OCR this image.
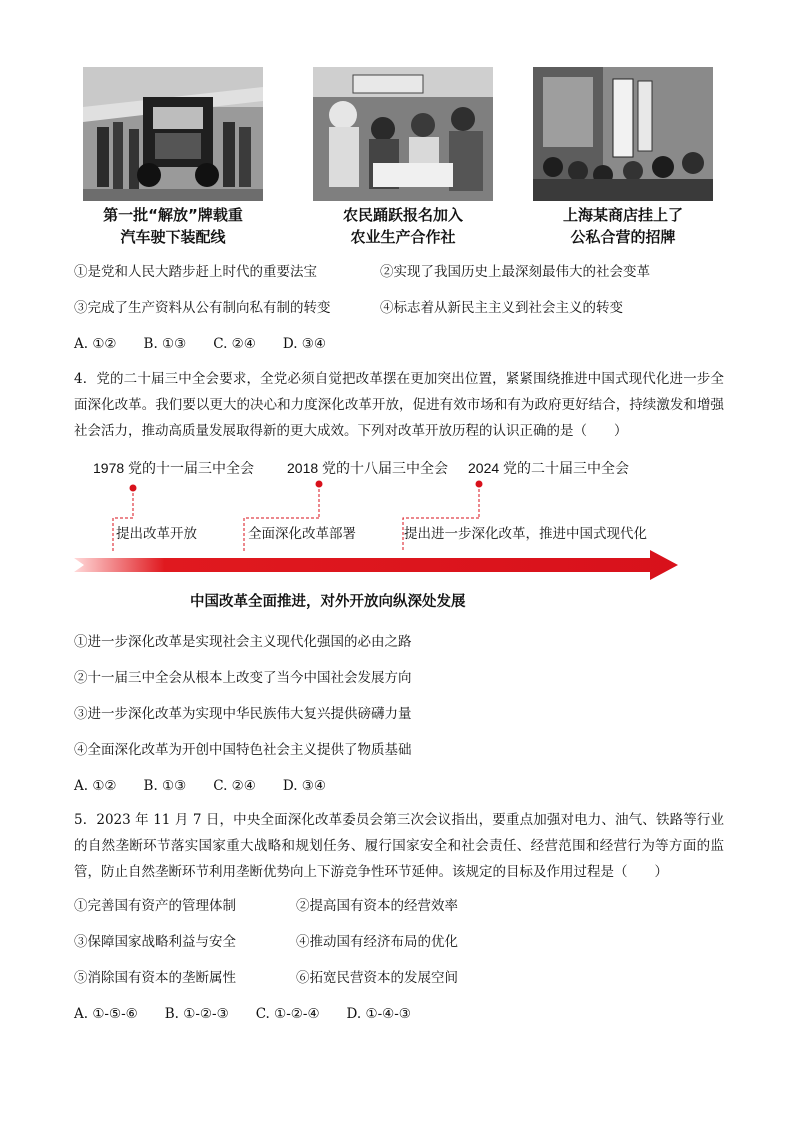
第一批“解放”牌载重
汽车驶下装配线
农民踊跃报名加入
农业生产合作社
上海某商店挂上了
公私合营的招牌
①是党和人民大踏步赶上时代的重要法宝	②实现了我国历史上最深刻最伟大的社会变革
③完成了生产资料从公有制向私有制的转变	④标志着从新民主主义到社会主义的转变
A. ①②　　B. ①③　　C. ②④　　D. ③④
4．党的二十届三中全会要求，全党必须自觉把改革摆在更加突出位置，紧紧围绕推进中国式现代化进一步全面深化改革。我们要以更大的决心和力度深化改革开放，促进有效市场和有为政府更好结合，持续激发和增强社会活力，推动高质量发展取得新的更大成效。下列对改革开放历程的认识正确的是（　　）
1978 党的十一届三中全会 2018 党的十八届三中全会 2024 党的二十届三中全会
提出改革开放	全面深化改革部署	提出进一步深化改革，推进中国式现代化
中国改革全面推进，对外开放向纵深处发展
①进一步深化改革是实现社会主义现代化强国的必由之路
②十一届三中全会从根本上改变了当今中国社会发展方向
③进一步深化改革为实现中华民族伟大复兴提供磅礴力量
④全面深化改革为开创中国特色社会主义提供了物质基础
A. ①②　　B. ①③　　C. ②④　　D. ③④
5．2023 年 11 月 7 日，中央全面深化改革委员会第三次会议指出，要重点加强对电力、油气、铁路等行业的自然垄断环节落实国家重大战略和规划任务、履行国家安全和社会责任、经营范围和经营行为等方面的监管，防止自然垄断环节利用垄断优势向上下游竞争性环节延伸。该规定的目标及作用过程是（　　）
①完善国有资产的管理体制	②提高国有资本的经营效率
③保障国家战略利益与安全	④推动国有经济布局的优化
⑤消除国有资本的垄断属性	⑥拓宽民营资本的发展空间
A. ①-⑤-⑥　　B. ①-②-③　　C. ①-②-④　　D. ①-④-③
